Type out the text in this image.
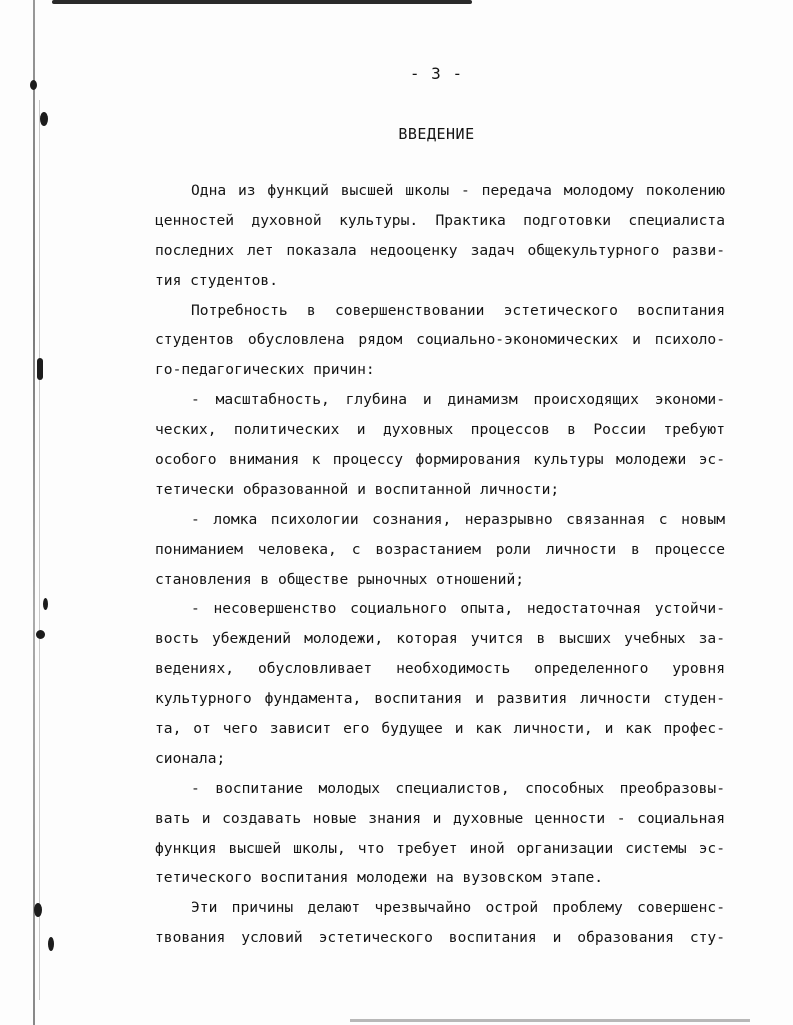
- 3 -
ВВЕДЕНИЕ
Одна из функций высшей школы - передача молодому поколению
ценностей духовной культуры. Практика подготовки специалиста
последних лет показала недооценку задач общекультурного разви-
тия студентов.
Потребность в совершенствовании эстетического воспитания
студентов обусловлена рядом социально-экономических и психоло-
го-педагогических причин:
- масштабность, глубина и динамизм происходящих экономи-
ческих, политических и духовных процессов в России требуют
особого внимания к процессу формирования культуры молодежи эс-
тетически образованной и воспитанной личности;
- ломка психологии сознания, неразрывно связанная с новым
пониманием человека, с возрастанием роли личности в процессе
становления в обществе рыночных отношений;
- несовершенство социального опыта, недостаточная устойчи-
вость убеждений молодежи, которая учится в высших учебных за-
ведениях, обусловливает необходимость определенного уровня
культурного фундамента, воспитания и развития личности студен-
та, от чего зависит его будущее и как личности, и как профес-
сионала;
- воспитание молодых специалистов, способных преобразовы-
вать и создавать новые знания и духовные ценности - социальная
функция высшей школы, что требует иной организации системы эс-
тетического воспитания молодежи на вузовском этапе.
Эти причины делают чрезвычайно острой проблему совершенс-
твования условий эстетического воспитания и образования сту-
